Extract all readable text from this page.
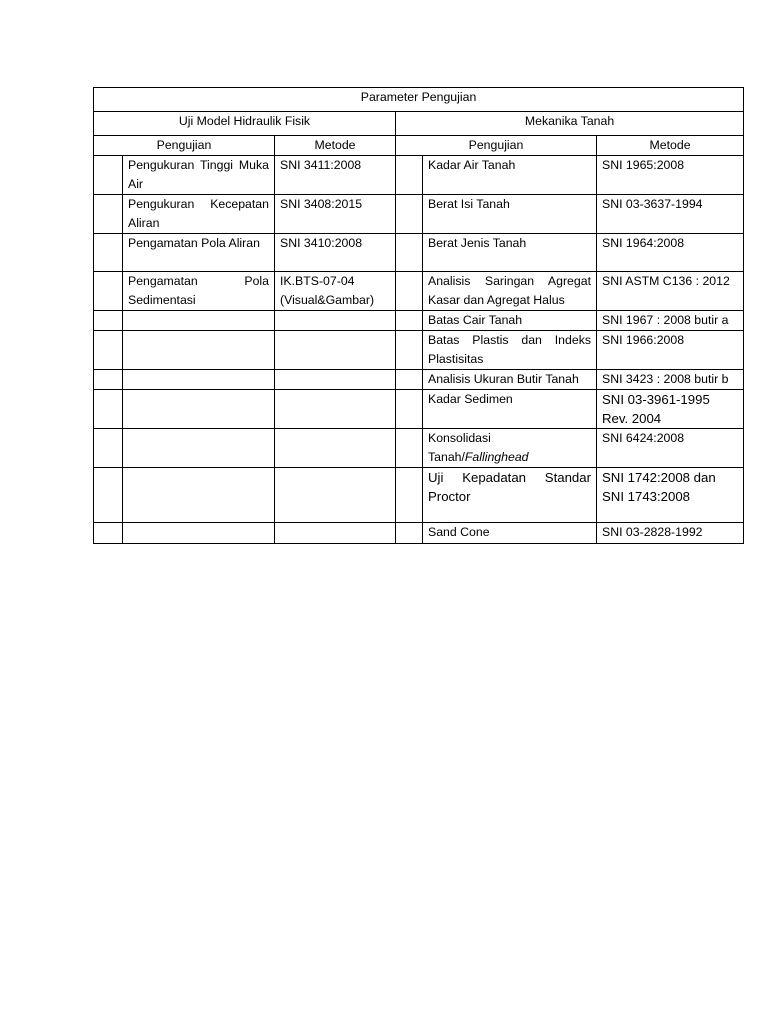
Parameter Pengujian					
Uji Model Hidraulik Fisik			Mekanika Tanah		
Pengujian		Metode	Pengujian		Metode
	Pengukuran Tinggi Muka Air	SNI 3411:2008		Kadar Air Tanah	SNI 1965:2008
	Pengukuran Kecepatan Aliran	SNI 3408:2015		Berat Isi Tanah	SNI 03-3637-1994
	Pengamatan Pola Aliran	SNI 3410:2008		Berat Jenis Tanah	SNI 1964:2008
	Pengamatan Pola Sedimentasi	IK.BTS-07-04 (Visual&Gambar)		Analisis Saringan Agregat Kasar dan Agregat Halus	SNI ASTM C136 : 2012
				Batas Cair Tanah	SNI 1967 : 2008 butir a
				Batas Plastis dan Indeks Plastisitas	SNI 1966:2008
				Analisis Ukuran Butir Tanah	SNI 3423 : 2008 butir b
				Kadar Sedimen	SNI 03-3961-1995 Rev. 2004
				Konsolidasi Tanah/Fallinghead	SNI 6424:2008
				Uji Kepadatan Standar Proctor	SNI 1742:2008 dan SNI 1743:2008
				Sand Cone	SNI 03-2828-1992
